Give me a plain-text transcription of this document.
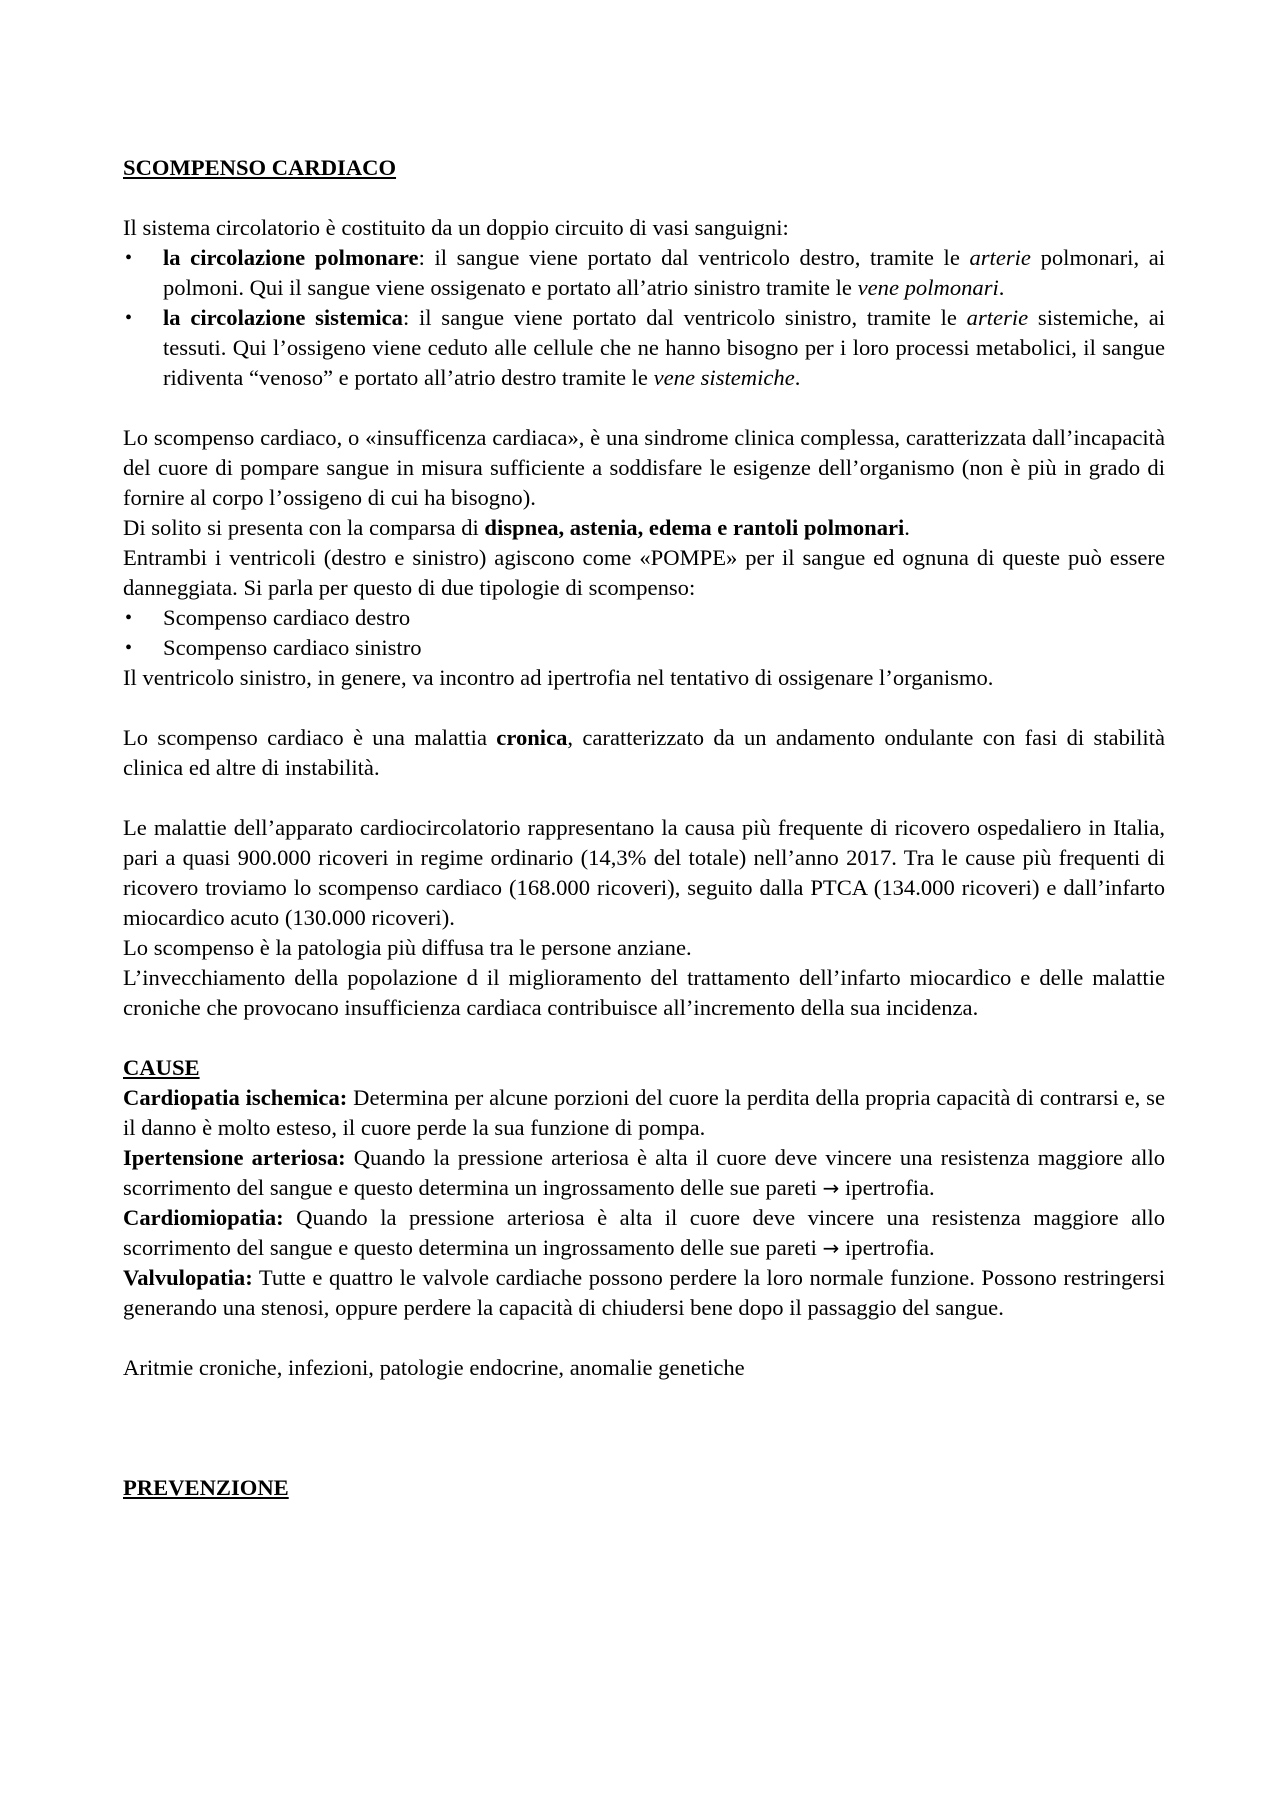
SCOMPENSO CARDIACO

Il sistema circolatorio è costituito da un doppio circuito di vasi sanguigni:

• la circolazione polmonare: il sangue viene portato dal ventricolo destro, tramite le arterie polmonari, ai polmoni. Qui il sangue viene ossigenato e portato all’atrio sinistro tramite le vene polmonari.
• la circolazione sistemica: il sangue viene portato dal ventricolo sinistro, tramite le arterie sistemiche, ai tessuti. Qui l’ossigeno viene ceduto alle cellule che ne hanno bisogno per i loro processi metabolici, il sangue ridiventa “venoso” e portato all’atrio destro tramite le vene sistemiche.

Lo scompenso cardiaco, o «insufficenza cardiaca», è una sindrome clinica complessa, caratterizzata dall’incapacità del cuore di pompare sangue in misura sufficiente a soddisfare le esigenze dell’organismo (non è più in grado di fornire al corpo l’ossigeno di cui ha bisogno).

Di solito si presenta con la comparsa di dispnea, astenia, edema e rantoli polmonari.

Entrambi i ventricoli (destro e sinistro) agiscono come «POMPE» per il sangue ed ognuna di queste può essere danneggiata. Si parla per questo di due tipologie di scompenso:

• Scompenso cardiaco destro
• Scompenso cardiaco sinistro

Il ventricolo sinistro, in genere, va incontro ad ipertrofia nel tentativo di ossigenare l’organismo.

Lo scompenso cardiaco è una malattia cronica, caratterizzato da un andamento ondulante con fasi di stabilità clinica ed altre di instabilità.

Le malattie dell’apparato cardiocircolatorio rappresentano la causa più frequente di ricovero ospedaliero in Italia, pari a quasi 900.000 ricoveri in regime ordinario (14,3% del totale) nell’anno 2017. Tra le cause più frequenti di ricovero troviamo lo scompenso cardiaco (168.000 ricoveri), seguito dalla PTCA (134.000 ricoveri) e dall’infarto miocardico acuto (130.000 ricoveri).

Lo scompenso è la patologia più diffusa tra le persone anziane.

L’invecchiamento della popolazione d il miglioramento del trattamento dell’infarto miocardico e delle malattie croniche che provocano insufficienza cardiaca contribuisce all’incremento della sua incidenza.

CAUSE

Cardiopatia ischemica: Determina per alcune porzioni del cuore la perdita della propria capacità di contrarsi e, se il danno è molto esteso, il cuore perde la sua funzione di pompa.

Ipertensione arteriosa: Quando la pressione arteriosa è alta il cuore deve vincere una resistenza maggiore allo scorrimento del sangue e questo determina un ingrossamento delle sue pareti → ipertrofia.

Cardiomiopatia: Quando la pressione arteriosa è alta il cuore deve vincere una resistenza maggiore allo scorrimento del sangue e questo determina un ingrossamento delle sue pareti → ipertrofia.

Valvulopatia: Tutte e quattro le valvole cardiache possono perdere la loro normale funzione. Possono restringersi generando una stenosi, oppure perdere la capacità di chiudersi bene dopo il passaggio del sangue.

Aritmie croniche, infezioni, patologie endocrine, anomalie genetiche

PREVENZIONE
